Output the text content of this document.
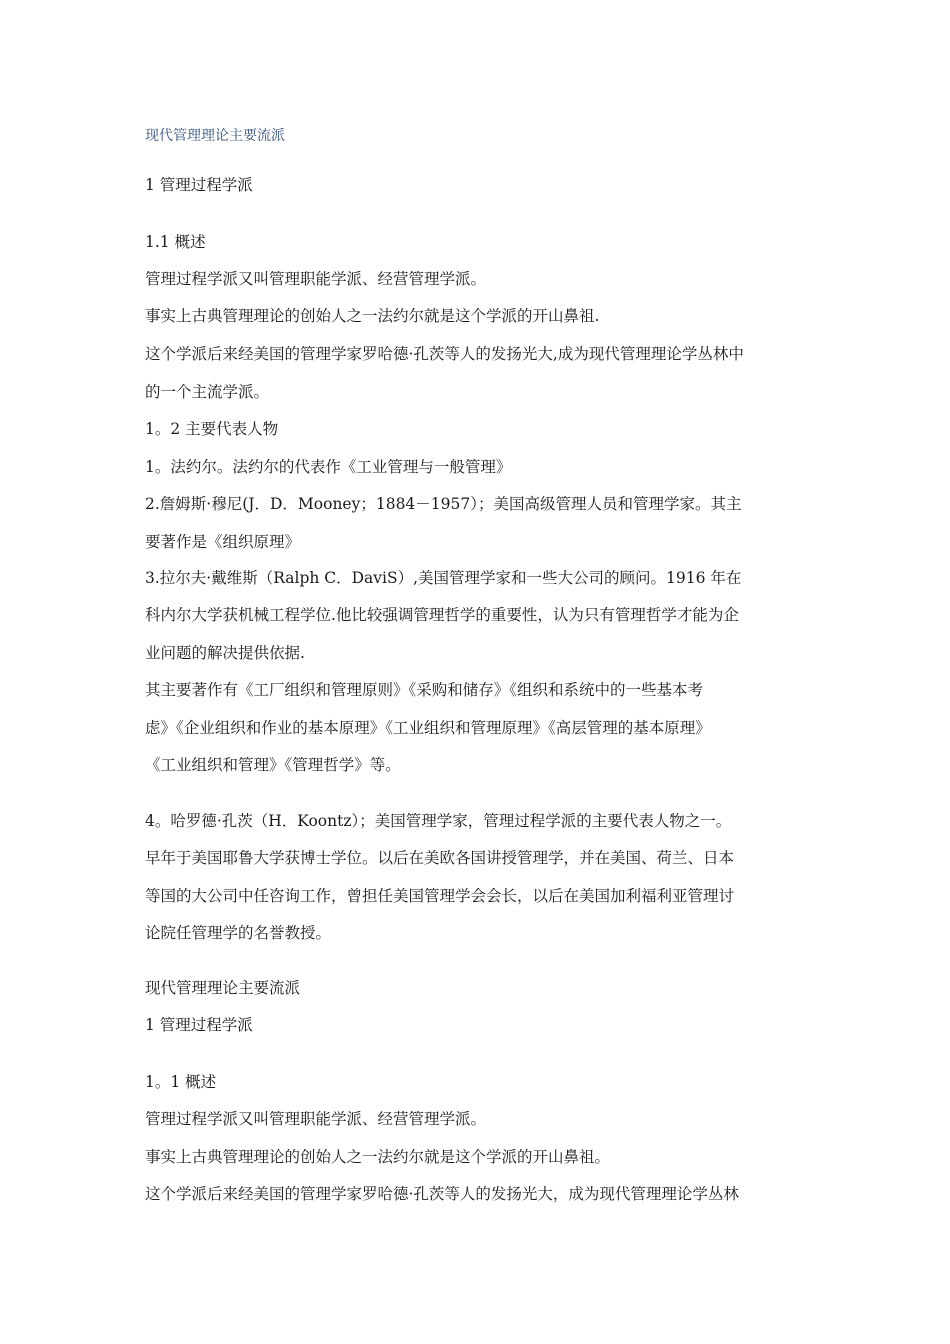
现代管理理论主要流派
1 管理过程学派
1.1 概述
管理过程学派又叫管理职能学派、经营管理学派。
事实上古典管理理论的创始人之一法约尔就是这个学派的开山鼻祖.
这个学派后来经美国的管理学家罗哈德·孔茨等人的发扬光大,成为现代管理理论学丛林中
的一个主流学派。
1。2 主要代表人物
1。法约尔。法约尔的代表作《工业管理与一般管理》
2.詹姆斯·穆尼(J．D．Mooney；1884－1957）；美国高级管理人员和管理学家。其主
要著作是《组织原理》
3.拉尔夫·戴维斯（Ralph C．DaviS）,美国管理学家和一些大公司的顾问。1916 年在
科内尔大学获机械工程学位.他比较强调管理哲学的重要性，认为只有管理哲学才能为企
业问题的解决提供依据.
其主要著作有《工厂组织和管理原则》《采购和储存》《组织和系统中的一些基本考
虑》《企业组织和作业的基本原理》《工业组织和管理原理》《高层管理的基本原理》
《工业组织和管理》《管理哲学》等。
4。哈罗德·孔茨（H．Koontz）；美国管理学家，管理过程学派的主要代表人物之一。
早年于美国耶鲁大学获博士学位。以后在美欧各国讲授管理学，并在美国、荷兰、日本
等国的大公司中任咨询工作，曾担任美国管理学会会长，以后在美国加利福利亚管理讨
论院任管理学的名誉教授。
现代管理理论主要流派
1 管理过程学派
1。1 概述
管理过程学派又叫管理职能学派、经营管理学派。
事实上古典管理理论的创始人之一法约尔就是这个学派的开山鼻祖。
这个学派后来经美国的管理学家罗哈德·孔茨等人的发扬光大，成为现代管理理论学丛林
